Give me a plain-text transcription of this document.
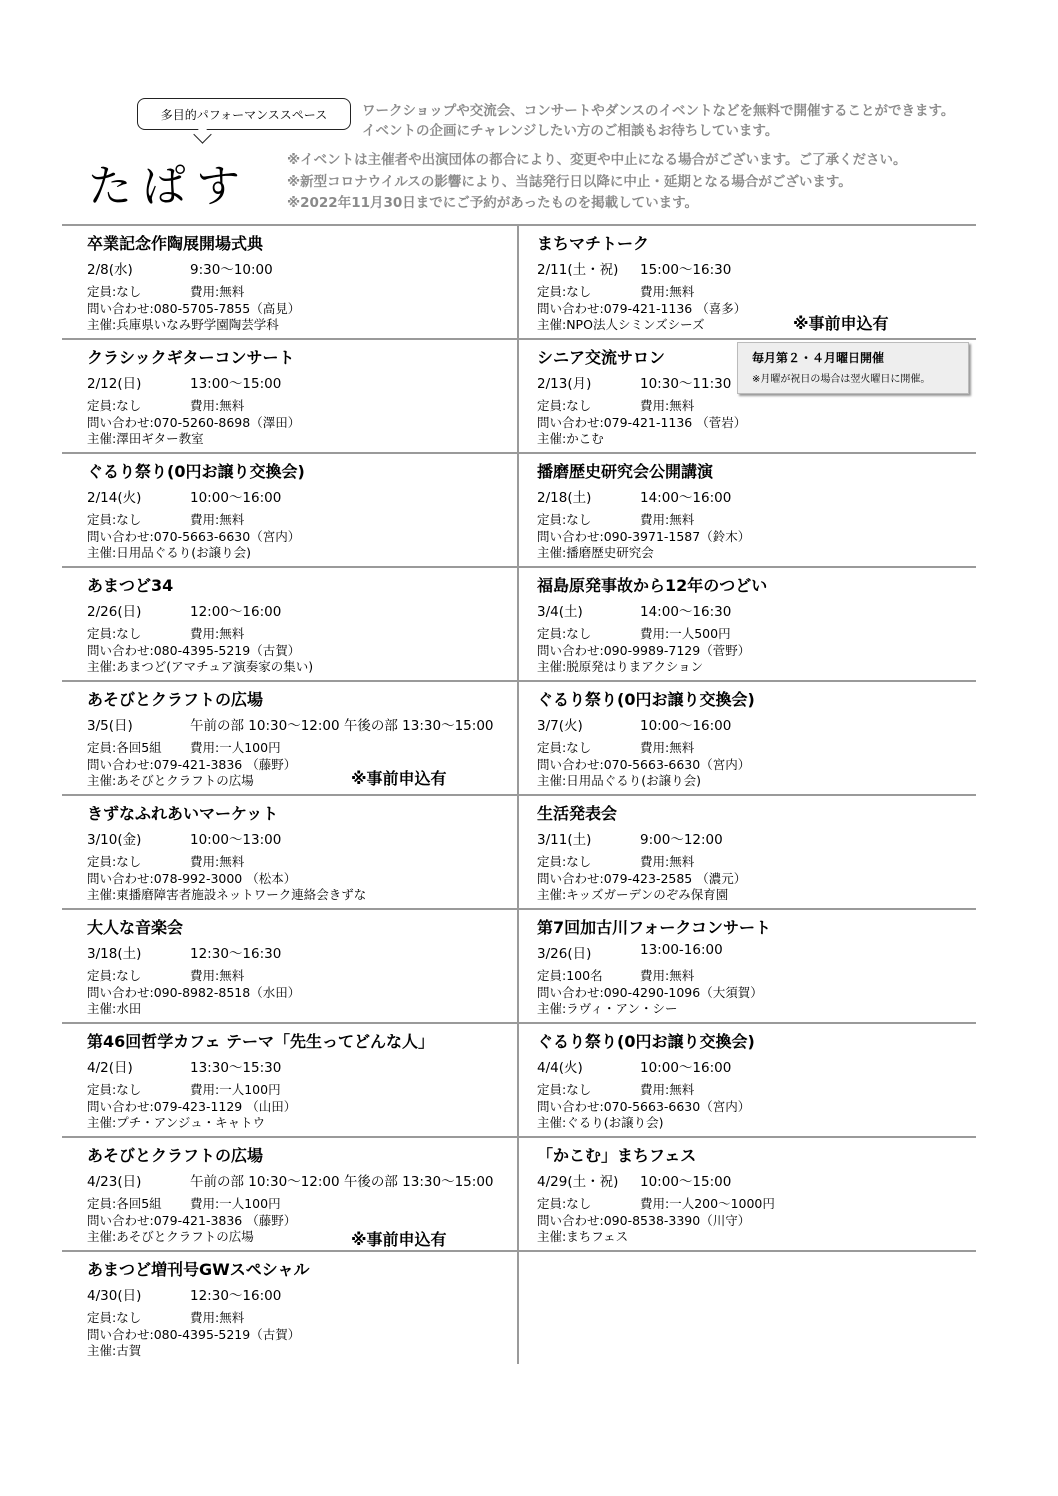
多目的パフォーマンススペース
たぱす
ワークショップや交流会、コンサートやダンスのイベントなどを無料で開催することができます。
イベントの企画にチャレンジしたい方のご相談もお待ちしています。
※イベントは主催者や出演団体の都合により、変更や中止になる場合がございます。ご了承ください。
※新型コロナウイルスの影響により、当誌発行日以降に中止・延期となる場合がございます。
※2022年11月30日までにご予約があったものを掲載しています。
卒業記念作陶展開場式典
2/8(水)	9:30～10:00
定員:なし	費用:無料
問い合わせ:080-5705-7855（高見）
主催:兵庫県いなみ野学園陶芸学科
まちマチトーク
2/11(土・祝)	15:00～16:30
定員:なし	費用:無料
問い合わせ:079-421-1136 （喜多）
主催:NPO法人シミンズシーズ
クラシックギターコンサート
2/12(日)	13:00～15:00
定員:なし	費用:無料
問い合わせ:070-5260-8698（澤田）
主催:澤田ギター教室
シニア交流サロン
2/13(月)	10:30～11:30
定員:なし	費用:無料
問い合わせ:079-421-1136 （菅岩）
主催:かこむ
ぐるり祭り(0円お譲り交換会)
2/14(火)	10:00～16:00
定員:なし	費用:無料
問い合わせ:070-5663-6630（宮内）
主催:日用品ぐるり(お譲り会)
播磨歴史研究会公開講演
2/18(土)	14:00～16:00
定員:なし	費用:無料
問い合わせ:090-3971-1587（鈴木）
主催:播磨歴史研究会
あまつど34
2/26(日)	12:00～16:00
定員:なし	費用:無料
問い合わせ:080-4395-5219（古賀）
主催:あまつど(アマチュア演奏家の集い)
福島原発事故から12年のつどい
3/4(土)	14:00～16:30
定員:なし	費用:一人500円
問い合わせ:090-9989-7129（菅野）
主催:脱原発はりまアクション
あそびとクラフトの広場
3/5(日)	午前の部 10:30～12:00 午後の部 13:30～15:00
定員:各回5組 費用:一人100円
問い合わせ:079-421-3836 （藤野）
主催:あそびとクラフトの広場
ぐるり祭り(0円お譲り交換会)
3/7(火)	10:00～16:00
定員:なし	費用:無料
問い合わせ:070-5663-6630（宮内）
主催:日用品ぐるり(お譲り会)
きずなふれあいマーケット
3/10(金)	10:00～13:00
定員:なし	費用:無料
問い合わせ:078-992-3000 （松本）
主催:東播磨障害者施設ネットワーク連絡会きずな
生活発表会
3/11(土)	9:00～12:00
定員:なし	費用:無料
問い合わせ:079-423-2585 （濃元）
主催:キッズガーデンのぞみ保育園
大人な音楽会
3/18(土)	12:30～16:30
定員:なし	費用:無料
問い合わせ:090-8982-8518（水田）
主催:水田
第7回加古川フォークコンサート
3/26(日)	13:00-16:00
定員:100名	費用:無料
問い合わせ:090-4290-1096（大須賀）
主催:ラヴィ・アン・シー
第46回哲学カフェ テーマ「先生ってどんな人」
4/2(日)	13:30～15:30
定員:なし	費用:一人100円
問い合わせ:079-423-1129 （山田）
主催:プチ・アンジュ・キャトウ
ぐるり祭り(0円お譲り交換会)
4/4(火)	10:00～16:00
定員:なし	費用:無料
問い合わせ:070-5663-6630（宮内）
主催:ぐるり(お譲り会)
あそびとクラフトの広場
4/23(日)	午前の部 10:30～12:00 午後の部 13:30～15:00
定員:各回5組 費用:一人100円
問い合わせ:079-421-3836 （藤野）
主催:あそびとクラフトの広場
「かこむ」まちフェス
4/29(土・祝)	10:00～15:00
定員:なし	費用:一人200～1000円
問い合わせ:090-8538-3390（川守）
主催:まちフェス
あまつど増刊号GWスペシャル
4/30(日)	12:30～16:00
定員:なし	費用:無料
問い合わせ:080-4395-5219（古賀）
主催:古賀
※事前申込有
※事前申込有
※事前申込有
毎月第２・４月曜日開催
※月曜が祝日の場合は翌火曜日に開催。
